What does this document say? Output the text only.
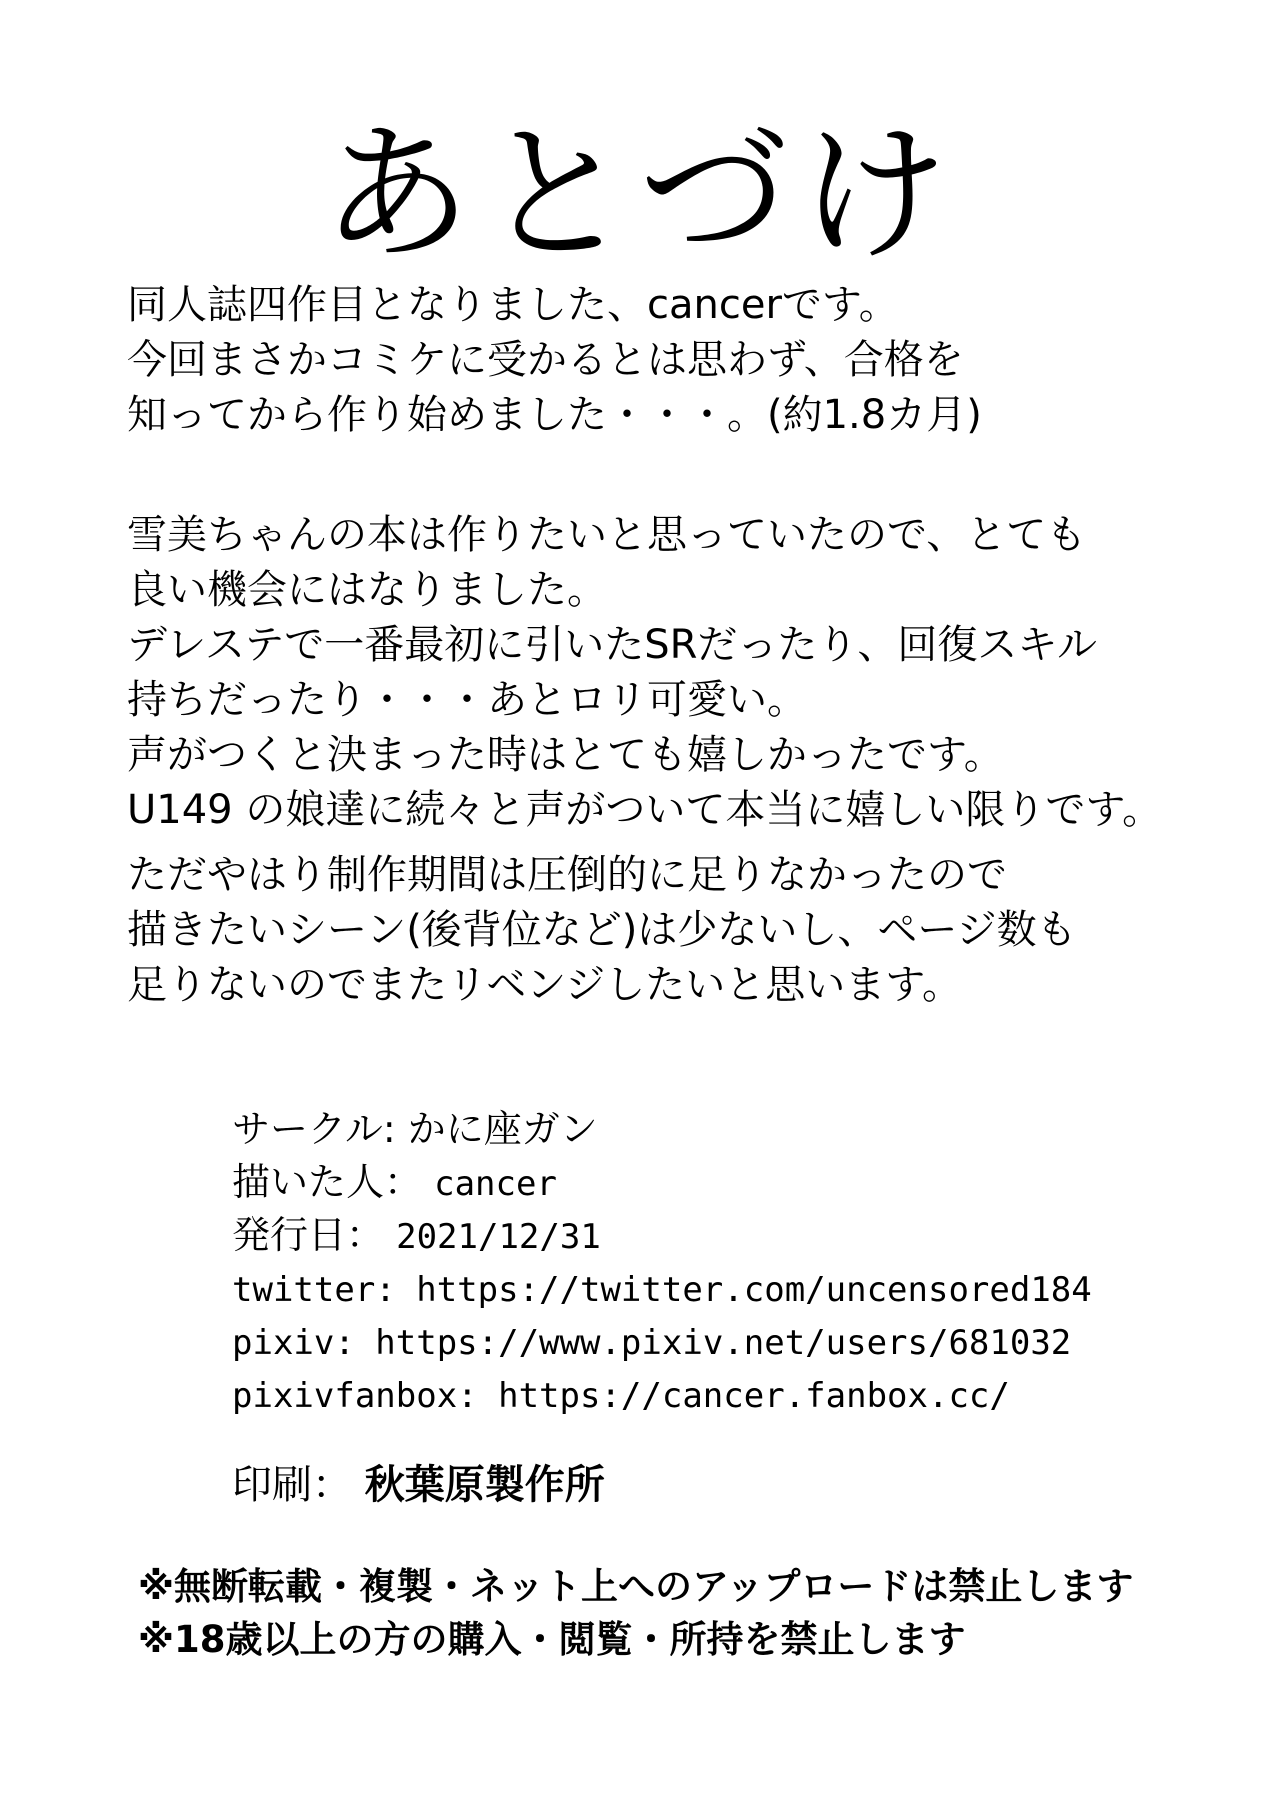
あとづけ
同人誌四作目となりました、cancerです。
今回まさかコミケに受かるとは思わず、合格を
知ってから作り始めました・・・。(約1.8カ月)
雪美ちゃんの本は作りたいと思っていたので、とても
良い機会にはなりました。
デレステで一番最初に引いたSRだったり、回復スキル
持ちだったり・・・あとロリ可愛い。
声がつくと決まった時はとても嬉しかったです。
U149 の娘達に続々と声がついて本当に嬉しい限りです。
ただやはり制作期間は圧倒的に足りなかったので
描きたいシーン(後背位など)は少ないし、ページ数も
足りないのでまたリベンジしたいと思います。
サークル: かに座ガン
描いた人： cancer
発行日： 2021/12/31
twitter: https://twitter.com/uncensored184
pixiv: https://www.pixiv.net/users/681032
pixivfanbox: https://cancer.fanbox.cc/
印刷： 秋葉原製作所
※無断転載・複製・ネット上へのアップロードは禁止します
※18歳以上の方の購入・閲覧・所持を禁止します
